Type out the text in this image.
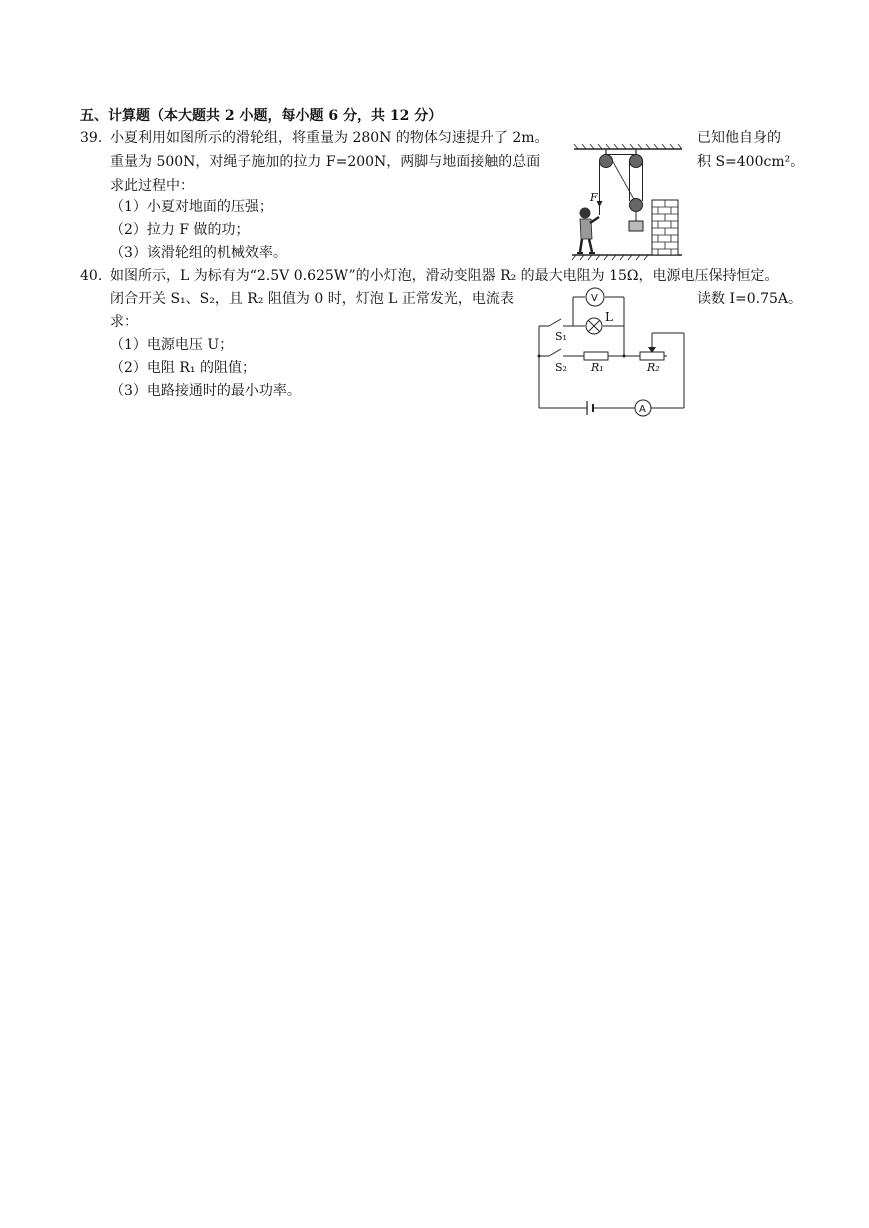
五、计算题（本大题共 2 小题，每小题 6 分，共 12 分）
39. 小夏利用如图所示的滑轮组，将重量为 280N 的物体匀速提升了 2m。	已知他自身的
重量为 500N，对绳子施加的拉力 F=200N，两脚与地面接触的总面	积 S=400cm²。
求此过程中：
（1）小夏对地面的压强；
（2）拉力 F 做的功；
（3）该滑轮组的机械效率。
F
40. 如图所示，L 为标有为“2.5V 0.625W”的小灯泡，滑动变阻器 R₂ 的最大电阻为 15Ω，电源电压保持恒定。
闭合开关 S₁、S₂，且 R₂ 阻值为 0 时，灯泡 L 正常发光，电流表	读数 I=0.75A。
求：
（1）电源电压 U；
（2）电阻 R₁ 的阻值；
（3）电路接通时的最小功率。
V
L
A
S₁
S₂ R₁	R₂
